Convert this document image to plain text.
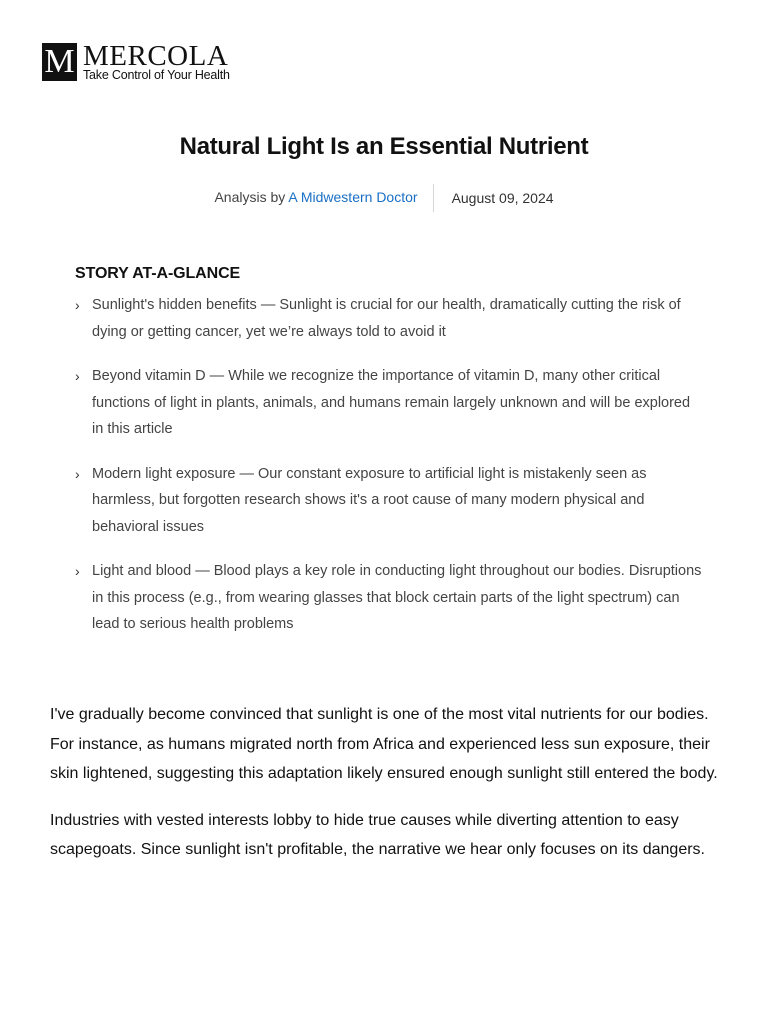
M MERCOLA
Take Control of Your Health
Natural Light Is an Essential Nutrient
Analysis by A Midwestern Doctor	August 09, 2024
STORY AT-A-GLANCE
› Sunlight's hidden benefits — Sunlight is crucial for our health, dramatically cutting the risk of dying or getting cancer, yet we’re always told to avoid it
› Beyond vitamin D — While we recognize the importance of vitamin D, many other critical functions of light in plants, animals, and humans remain largely unknown and will be explored in this article
› Modern light exposure — Our constant exposure to artificial light is mistakenly seen as harmless, but forgotten research shows it's a root cause of many modern physical and behavioral issues
› Light and blood — Blood plays a key role in conducting light throughout our bodies. Disruptions in this process (e.g., from wearing glasses that block certain parts of the light spectrum) can lead to serious health problems

I've gradually become convinced that sunlight is one of the most vital nutrients for our bodies. For instance, as humans migrated north from Africa and experienced less sun exposure, their skin lightened, suggesting this adaptation likely ensured enough sunlight still entered the body.

Industries with vested interests lobby to hide true causes while diverting attention to easy scapegoats. Since sunlight isn't profitable, the narrative we hear only focuses on its dangers.
